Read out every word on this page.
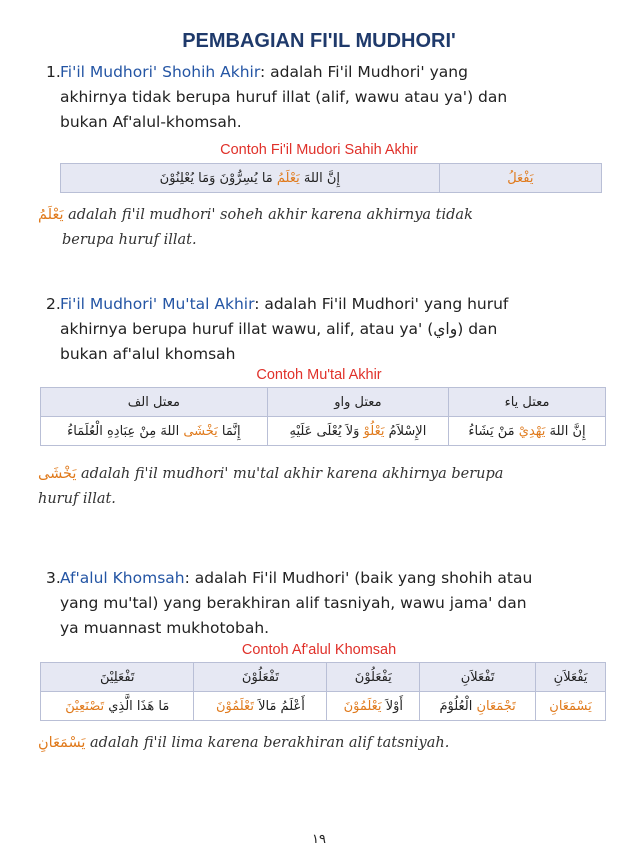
PEMBAGIAN FI'IL MUDHORI'
1. Fi'il Mudhori' Shohih Akhir: adalah Fi'il Mudhori' yang
akhirnya tidak berupa huruf illat (alif, wawu atau ya') dan
bukan Af'alul-khomsah.
Contoh Fi'il Mudori Sahih Akhir
إِنَّ اللهَ يَعْلَمُ مَا يُسِرُّوْنَ وَمَا يُعْلِنُوْنَ	يَفْعَلُ
يَعْلَمُ adalah fi'il mudhori' soheh akhir karena akhirnya tidak
berupa huruf illat.
2. Fi'il Mudhori' Mu'tal Akhir: adalah Fi'il Mudhori' yang huruf
akhirnya berupa huruf illat wawu, alif, atau ya' (واي) dan
bukan af'alul khomsah
Contoh Mu'tal Akhir
معتل الف	معتل واو	معتل ياء
إِنَّمَا يَخْشَى اللهَ مِنْ عِبَادِهِ الْعُلَمَاءُ	الإِسْلاَمُ يَعْلُوْ وَلاَ يُعْلَى عَلَيْهِ	إِنَّ اللهَ يَهْدِيْ مَنْ يَشَاءُ
يَخْشَى adalah fi'il mudhori' mu'tal akhir karena akhirnya berupa
huruf illat.
3. Af'alul Khomsah: adalah Fi'il Mudhori' (baik yang shohih atau
yang mu'tal) yang berakhiran alif tasniyah, wawu jama' dan
ya muannast mukhotobah.
Contoh Af'alul Khomsah
تَفْعَلِيْنَ	تَفْعَلُوْنَ	يَفْعَلُوْنَ	تَفْعَلاَنِ	يَفْعَلاَنِ
مَا هَذَا الَّذِي تَصْنَعِيْنَ	أَعْلَمُ مَالاَ تَعْلَمُوْنَ	أَوْلاَ يَعْلَمُوْنَ	تَجْمَعَانِ الْعُلُوْمَ	يَسْمَعَانِ
يَسْمَعَانِ adalah fi'il lima karena berakhiran alif tatsniyah.
١٩
